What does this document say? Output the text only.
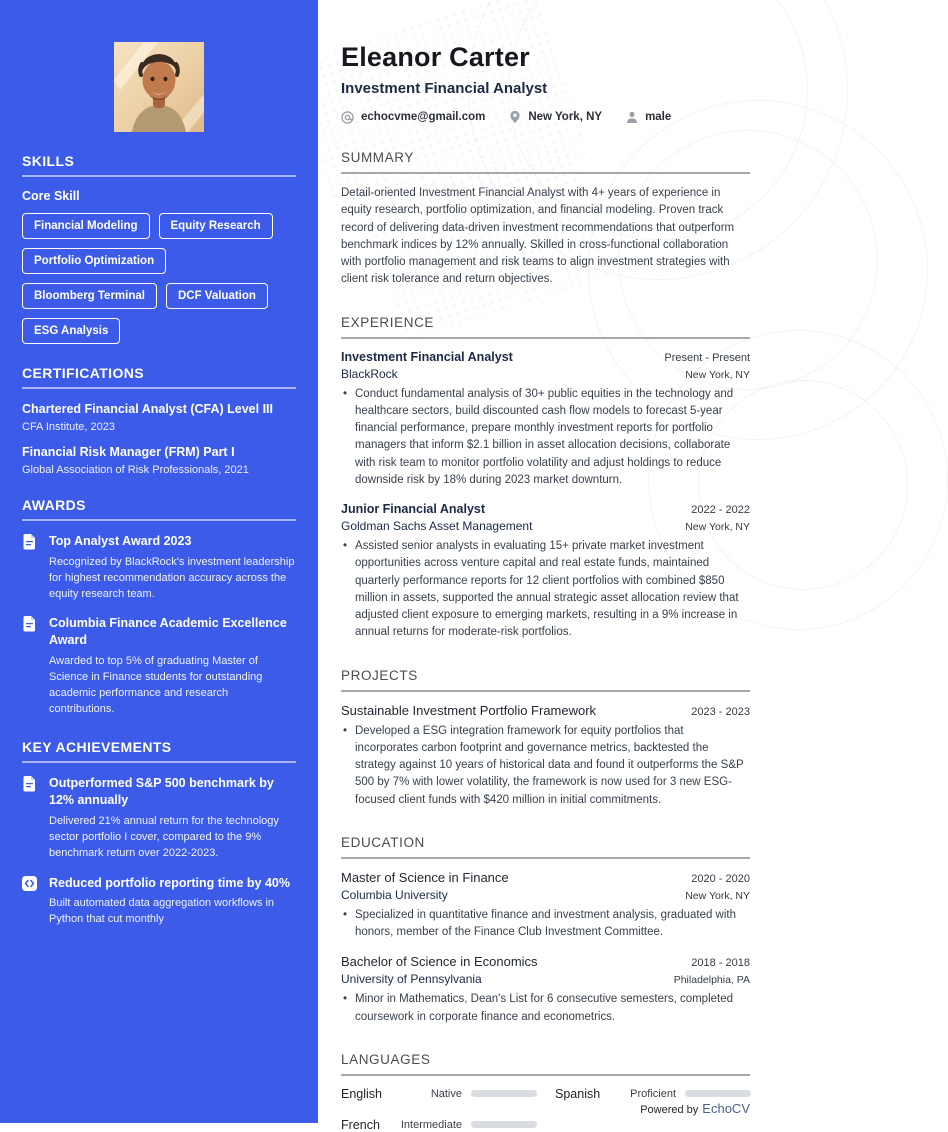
SKILLS
Core Skill
Financial Modeling	Equity Research
Portfolio Optimization
Bloomberg Terminal	DCF Valuation
ESG Analysis
CERTIFICATIONS
Chartered Financial Analyst (CFA) Level III
CFA Institute, 2023
Financial Risk Manager (FRM) Part I
Global Association of Risk Professionals, 2021
AWARDS
Top Analyst Award 2023
Recognized by BlackRock's investment leadership for highest recommendation accuracy across the equity research team.
Columbia Finance Academic Excellence Award
Awarded to top 5% of graduating Master of Science in Finance students for outstanding academic performance and research contributions.
KEY ACHIEVEMENTS
Outperformed S&P 500 benchmark by 12% annually
Delivered 21% annual return for the technology sector portfolio I cover, compared to the 9% benchmark return over 2022-2023.
Reduced portfolio reporting time by 40%
Built automated data aggregation workflows in Python that cut monthly
Eleanor Carter
Investment Financial Analyst
echocvme@gmail.com	New York, NY	male
SUMMARY

Detail-oriented Investment Financial Analyst with 4+ years of experience in equity research, portfolio optimization, and financial modeling. Proven track record of delivering data-driven investment recommendations that outperform benchmark indices by 12% annually. Skilled in cross-functional collaboration with portfolio management and risk teams to align investment strategies with client risk tolerance and return objectives.

EXPERIENCE
Investment Financial Analyst	Present - Present
BlackRock	New York, NY
• Conduct fundamental analysis of 30+ public equities in the technology and healthcare sectors, build discounted cash flow models to forecast 5-year financial performance, prepare monthly investment reports for portfolio managers that inform $2.1 billion in asset allocation decisions, collaborate with risk team to monitor portfolio volatility and adjust holdings to reduce downside risk by 18% during 2023 market downturn.
Junior Financial Analyst	2022 - 2022
Goldman Sachs Asset Management	New York, NY
• Assisted senior analysts in evaluating 15+ private market investment opportunities across venture capital and real estate funds, maintained quarterly performance reports for 12 client portfolios with combined $850 million in assets, supported the annual strategic asset allocation review that adjusted client exposure to emerging markets, resulting in a 9% increase in annual returns for moderate-risk portfolios.
PROJECTS
Sustainable Investment Portfolio Framework	2023 - 2023
• Developed a ESG integration framework for equity portfolios that incorporates carbon footprint and governance metrics, backtested the strategy against 10 years of historical data and found it outperforms the S&P 500 by 7% with lower volatility, the framework is now used for 3 new ESG-focused client funds with $420 million in initial commitments.
EDUCATION
Master of Science in Finance	2020 - 2020
Columbia University	New York, NY
• Specialized in quantitative finance and investment analysis, graduated with honors, member of the Finance Club Investment Committee.
Bachelor of Science in Economics	2018 - 2018
University of Pennsylvania	Philadelphia, PA
• Minor in Mathematics, Dean's List for 6 consecutive semesters, completed coursework in corporate finance and econometrics.
LANGUAGES
English	Native	Spanish	Proficient
French Intermediate
Powered by EchoCV
